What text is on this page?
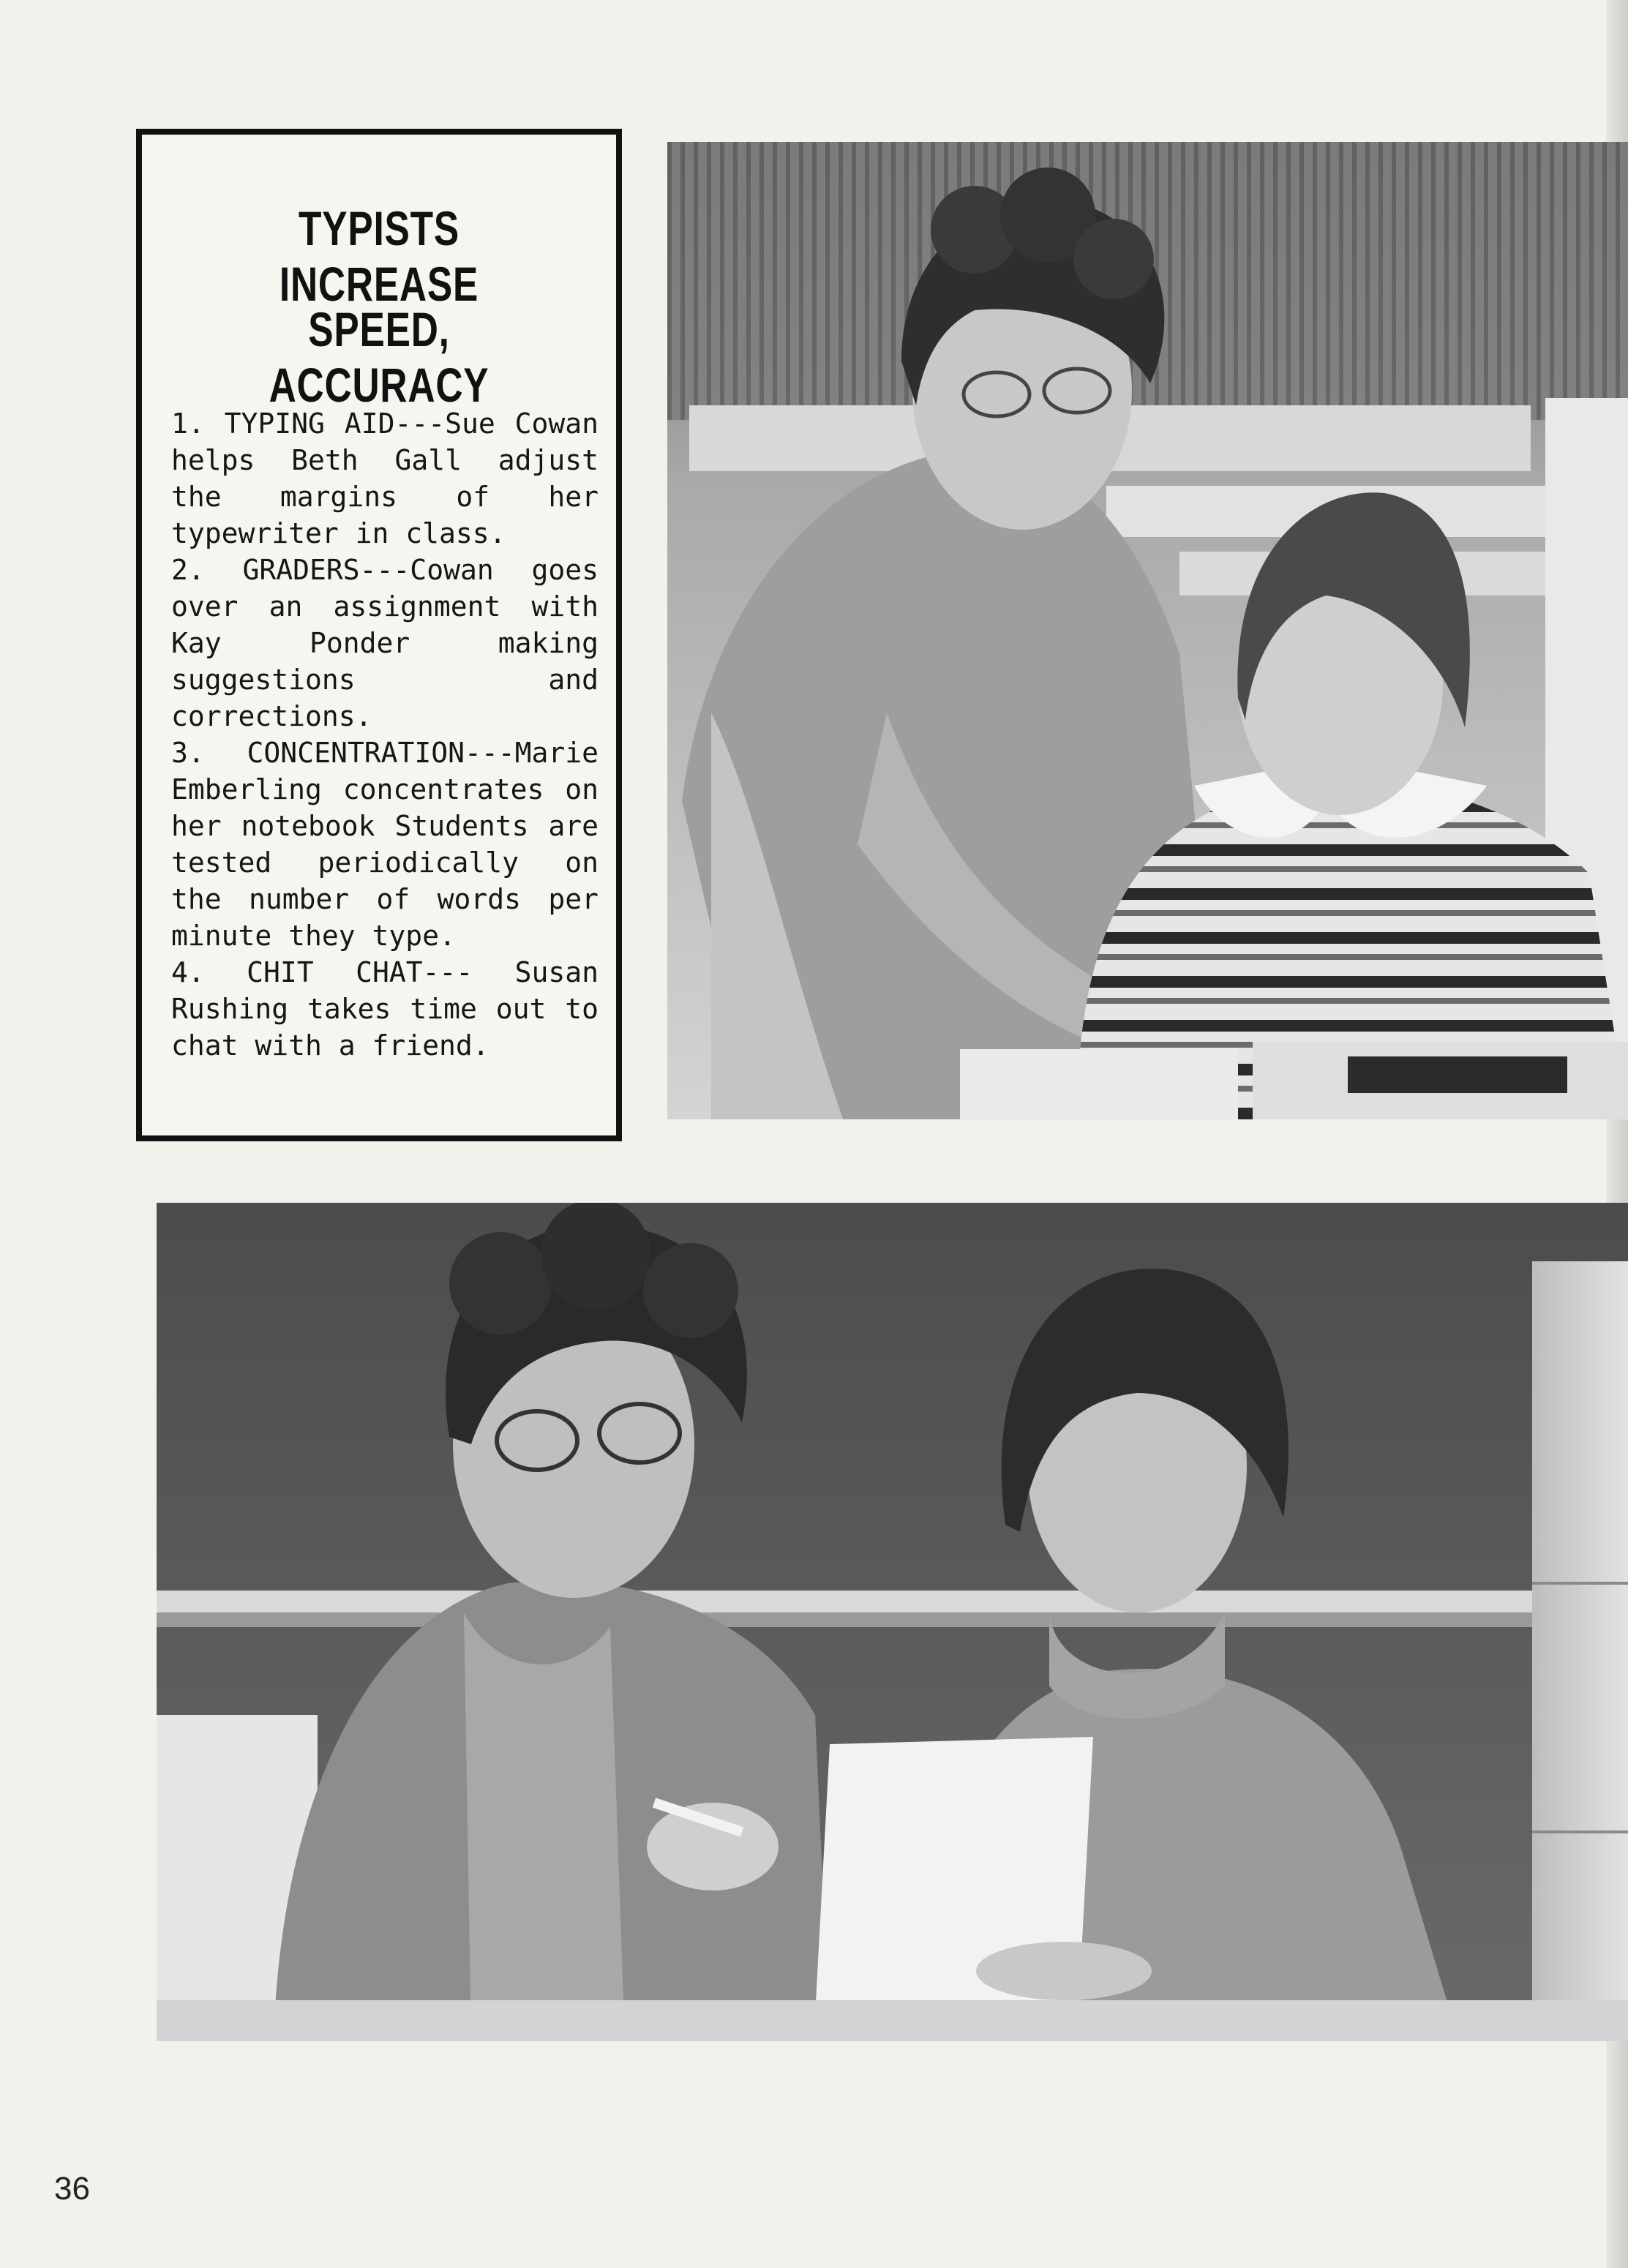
TYPISTS INCREASE
SPEED, ACCURACY

1. TYPING AID---Sue Cowan helps Beth Gall adjust the margins of her typewriter in class.

2. GRADERS---Cowan goes over an assignment with Kay Ponder making suggestions and corrections.

3. CONCENTRATION---Marie Emberling concentrates on her notebook Students are tested periodically on the number of words per minute they type.

4. CHIT CHAT--- Susan Rushing takes time out to chat with a friend.

36
